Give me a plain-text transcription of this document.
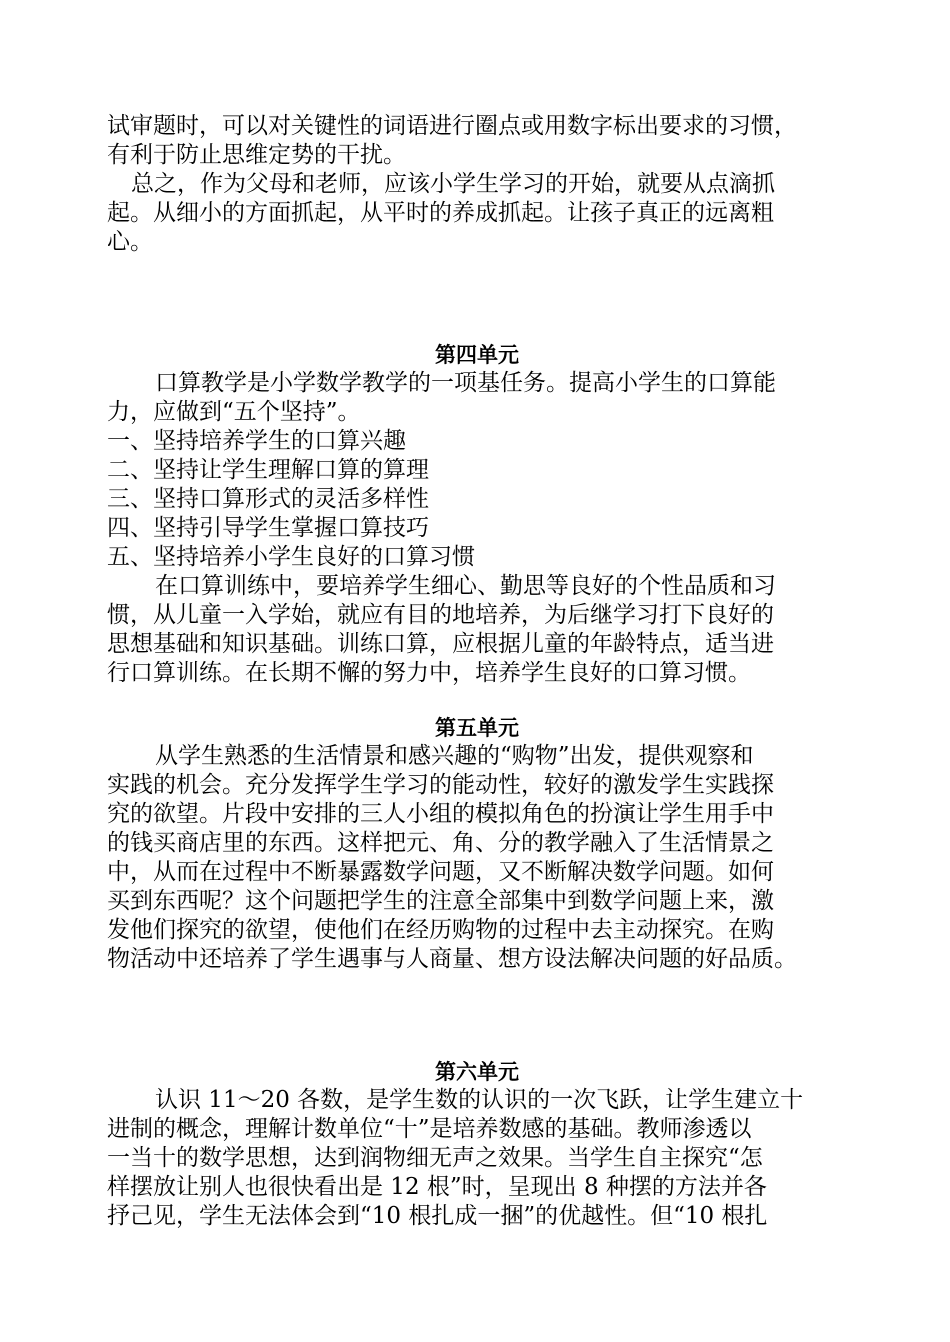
试审题时，可以对关键性的词语进行圈点或用数字标出要求的习惯，
有利于防止思维定势的干扰。
总之，作为父母和老师，应该小学生学习的开始，就要从点滴抓
起。从细小的方面抓起，从平时的养成抓起。让孩子真正的远离粗
心。
第四单元
口算教学是小学数学教学的一项基任务。提高小学生的口算能
力，应做到“五个坚持”。
一、坚持培养学生的口算兴趣
二、坚持让学生理解口算的算理
三、坚持口算形式的灵活多样性
四、坚持引导学生掌握口算技巧
五、坚持培养小学生良好的口算习惯
在口算训练中，要培养学生细心、勤思等良好的个性品质和习
惯，从儿童一入学始，就应有目的地培养，为后继学习打下良好的
思想基础和知识基础。训练口算，应根据儿童的年龄特点，适当进
行口算训练。在长期不懈的努力中，培养学生良好的口算习惯。
第五单元
从学生熟悉的生活情景和感兴趣的“购物”出发，提供观察和
实践的机会。充分发挥学生学习的能动性，较好的激发学生实践探
究的欲望。片段中安排的三人小组的模拟角色的扮演让学生用手中
的钱买商店里的东西。这样把元、角、分的教学融入了生活情景之
中，从而在过程中不断暴露数学问题，又不断解决数学问题。如何
买到东西呢？这个问题把学生的注意全部集中到数学问题上来，激
发他们探究的欲望，使他们在经历购物的过程中去主动探究。在购
物活动中还培养了学生遇事与人商量、想方设法解决问题的好品质。
第六单元
认识 11～20 各数，是学生数的认识的一次飞跃，让学生建立十
进制的概念，理解计数单位“十”是培养数感的基础。教师渗透以
一当十的数学思想，达到润物细无声之效果。当学生自主探究“怎
样摆放让别人也很快看出是 12 根”时，呈现出 8 种摆的方法并各
抒己见，学生无法体会到“10 根扎成一捆”的优越性。但“10 根扎
